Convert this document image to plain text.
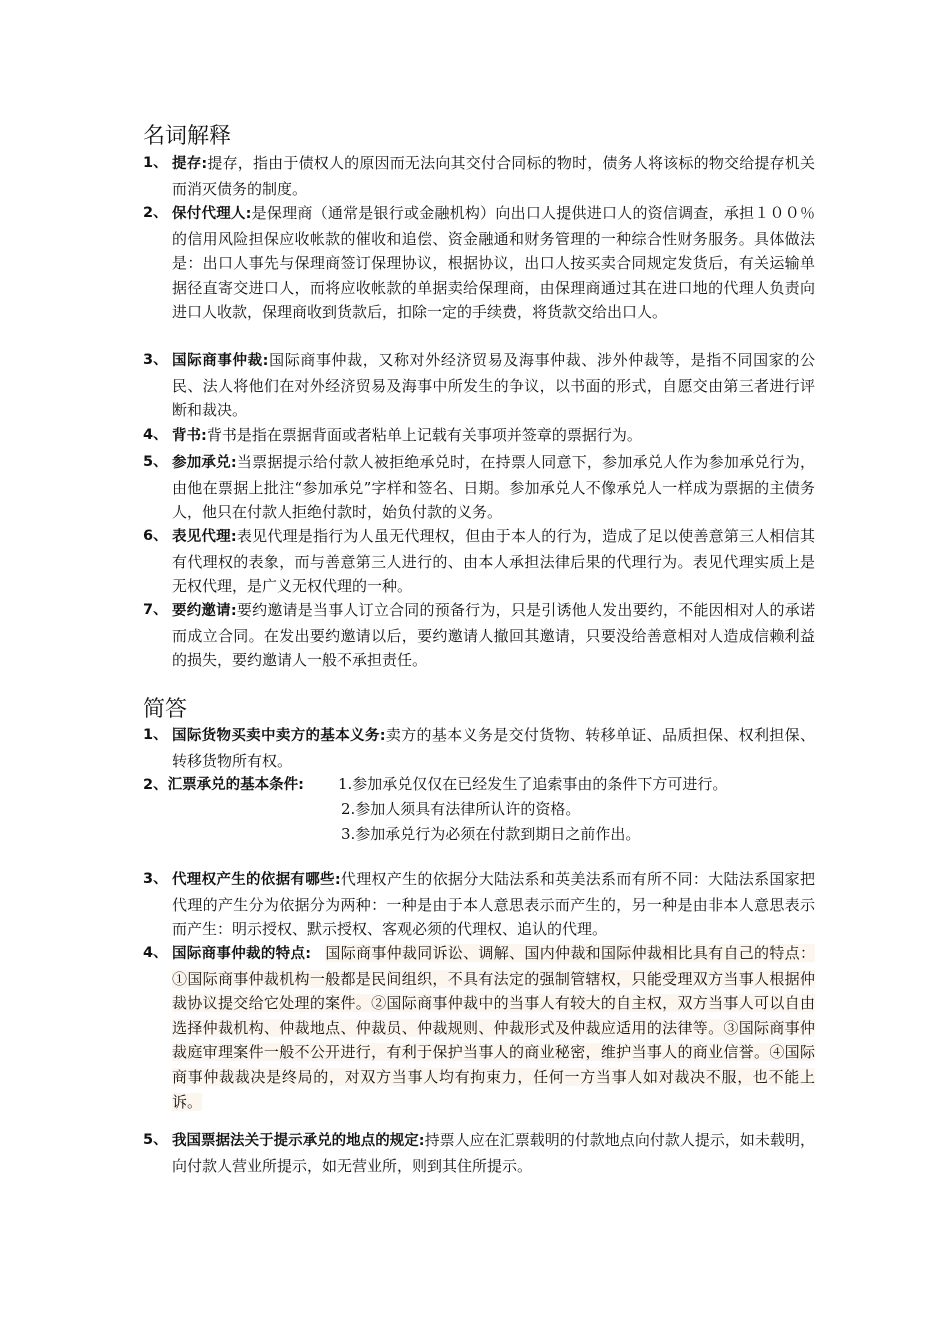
名词解释
1、 提存:提存，指由于债权人的原因而无法向其交付合同标的物时，债务人将该标的物交给提存机关而消灭债务的制度。
2、 保付代理人:是保理商（通常是银行或金融机构）向出口人提供进口人的资信调查，承担１００％的信用风险担保应收帐款的催收和追偿、资金融通和财务管理的一种综合性财务服务。具体做法是：出口人事先与保理商签订保理协议，根据协议，出口人按买卖合同规定发货后，有关运输单据径直寄交进口人，而将应收帐款的单据卖给保理商，由保理商通过其在进口地的代理人负责向进口人收款，保理商收到货款后，扣除一定的手续费，将货款交给出口人。
3、 国际商事仲裁:国际商事仲裁，又称对外经济贸易及海事仲裁、涉外仲裁等，是指不同国家的公民、法人将他们在对外经济贸易及海事中所发生的争议，以书面的形式，自愿交由第三者进行评断和裁决。
4、 背书:背书是指在票据背面或者粘单上记载有关事项并签章的票据行为。
5、 参加承兑:当票据提示给付款人被拒绝承兑时，在持票人同意下，参加承兑人作为参加承兑行为，由他在票据上批注“参加承兑”字样和签名、日期。参加承兑人不像承兑人一样成为票据的主债务人，他只在付款人拒绝付款时，始负付款的义务。
6、 表见代理:表见代理是指行为人虽无代理权，但由于本人的行为，造成了足以使善意第三人相信其有代理权的表象，而与善意第三人进行的、由本人承担法律后果的代理行为。表见代理实质上是无权代理，是广义无权代理的一种。
7、 要约邀请:要约邀请是当事人订立合同的预备行为，只是引诱他人发出要约，不能因相对人的承诺而成立合同。在发出要约邀请以后，要约邀请人撤回其邀请，只要没给善意相对人造成信赖利益的损失，要约邀请人一般不承担责任。
简答
1、 国际货物买卖中卖方的基本义务:卖方的基本义务是交付货物、转移单证、品质担保、权利担保、转移货物所有权。
2、汇票承兑的基本条件:	1.参加承兑仅仅在已经发生了追索事由的条件下方可进行。
2.参加人须具有法律所认许的资格。
3.参加承兑行为必须在付款到期日之前作出。
3、 代理权产生的依据有哪些:代理权产生的依据分大陆法系和英美法系而有所不同：大陆法系国家把代理的产生分为依据分为两种：一种是由于本人意思表示而产生的，另一种是由非本人意思表示而产生：明示授权、默示授权、客观必须的代理权、追认的代理。
4、 国际商事仲裁的特点: 国际商事仲裁同诉讼、调解、国内仲裁和国际仲裁相比具有自己的特点：①国际商事仲裁机构一般都是民间组织，不具有法定的强制管辖权，只能受理双方当事人根据仲裁协议提交给它处理的案件。②国际商事仲裁中的当事人有较大的自主权，双方当事人可以自由选择仲裁机构、仲裁地点、仲裁员、仲裁规则、仲裁形式及仲裁应适用的法律等。③国际商事仲裁庭审理案件一般不公开进行，有利于保护当事人的商业秘密，维护当事人的商业信誉。④国际商事仲裁裁决是终局的，对双方当事人均有拘束力，任何一方当事人如对裁决不服，也不能上诉。
5、 我国票据法关于提示承兑的地点的规定:持票人应在汇票载明的付款地点向付款人提示，如未载明，向付款人营业所提示，如无营业所，则到其住所提示。
